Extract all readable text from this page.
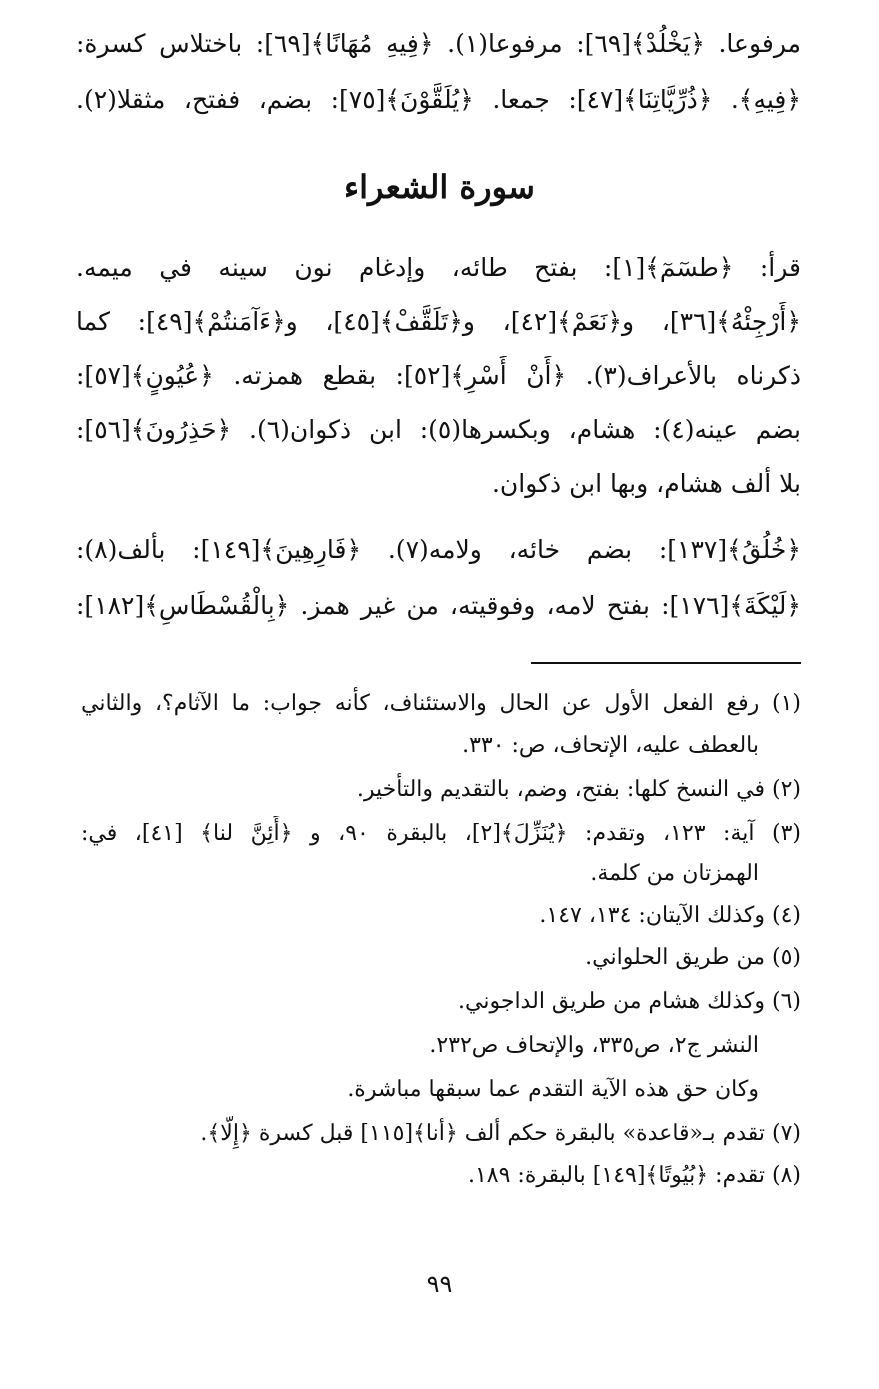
مرفوعا. ﴿يَخْلُدْ﴾[٦٩]: مرفوعا(١). ﴿فِيهِ مُهَانًا﴾[٦٩]: باختلاس كسرة:
﴿فِيهِ﴾. ﴿ذُرِّيَّاتِنَا﴾[٤٧]: جمعا. ﴿يُلَقَّوْنَ﴾[٧٥]: بضم، ففتح، مثقلا(٢).
سورة الشعراء
قرأ: ﴿طسٓمٓ﴾[١]: بفتح طائه، وإدغام نون سينه في ميمه.
﴿أَرْجِئْهُ﴾[٣٦]، و﴿نَعَمْ﴾[٤٢]، و﴿تَلَقَّفْ﴾[٤٥]، و﴿ءَآمَنتُمْ﴾[٤٩]: كما
ذكرناه بالأعراف(٣). ﴿أَنْ أَسْرِ﴾[٥٢]: بقطع همزته. ﴿عُيُونٍ﴾[٥٧]:
بضم عينه(٤): هشام، وبكسرها(٥): ابن ذكوان(٦). ﴿حَذِرُونَ﴾[٥٦]:
بلا ألف هشام، وبها ابن ذكوان.
﴿خُلُقُ﴾[١٣٧]: بضم خائه، ولامه(٧). ﴿فَارِهِينَ﴾[١٤٩]: بألف(٨):
﴿لَيْكَةَ﴾[١٧٦]: بفتح لامه، وفوقيته، من غير همز. ﴿بِالْقُسْطَاسِ﴾[١٨٢]:
(١) رفع الفعل الأول عن الحال والاستئناف، كأنه جواب: ما الآثام؟، والثاني
بالعطف عليه، الإتحاف، ص: ٣٣٠.
(٢) في النسخ كلها: بفتح، وضم، بالتقديم والتأخير.
(٣) آية: ١٢٣، وتقدم: ﴿يُنَزِّلَ﴾[٢]، بالبقرة ٩٠، و ﴿أَئِنَّ لنا﴾ [٤١]، في:
الهمزتان من كلمة.
(٤) وكذلك الآيتان: ١٣٤، ١٤٧.
(٥) من طريق الحلواني.
(٦) وكذلك هشام من طريق الداجوني.
النشر ج٢، ص٣٣٥، والإتحاف ص٢٣٢.
وكان حق هذه الآية التقدم عما سبقها مباشرة.
(٧) تقدم بـ«قاعدة» بالبقرة حكم ألف ﴿أنا﴾[١١٥] قبل كسرة ﴿إِلَّا﴾.
(٨) تقدم: ﴿بُيُوتًا﴾[١٤٩] بالبقرة: ١٨٩.
٩٩
